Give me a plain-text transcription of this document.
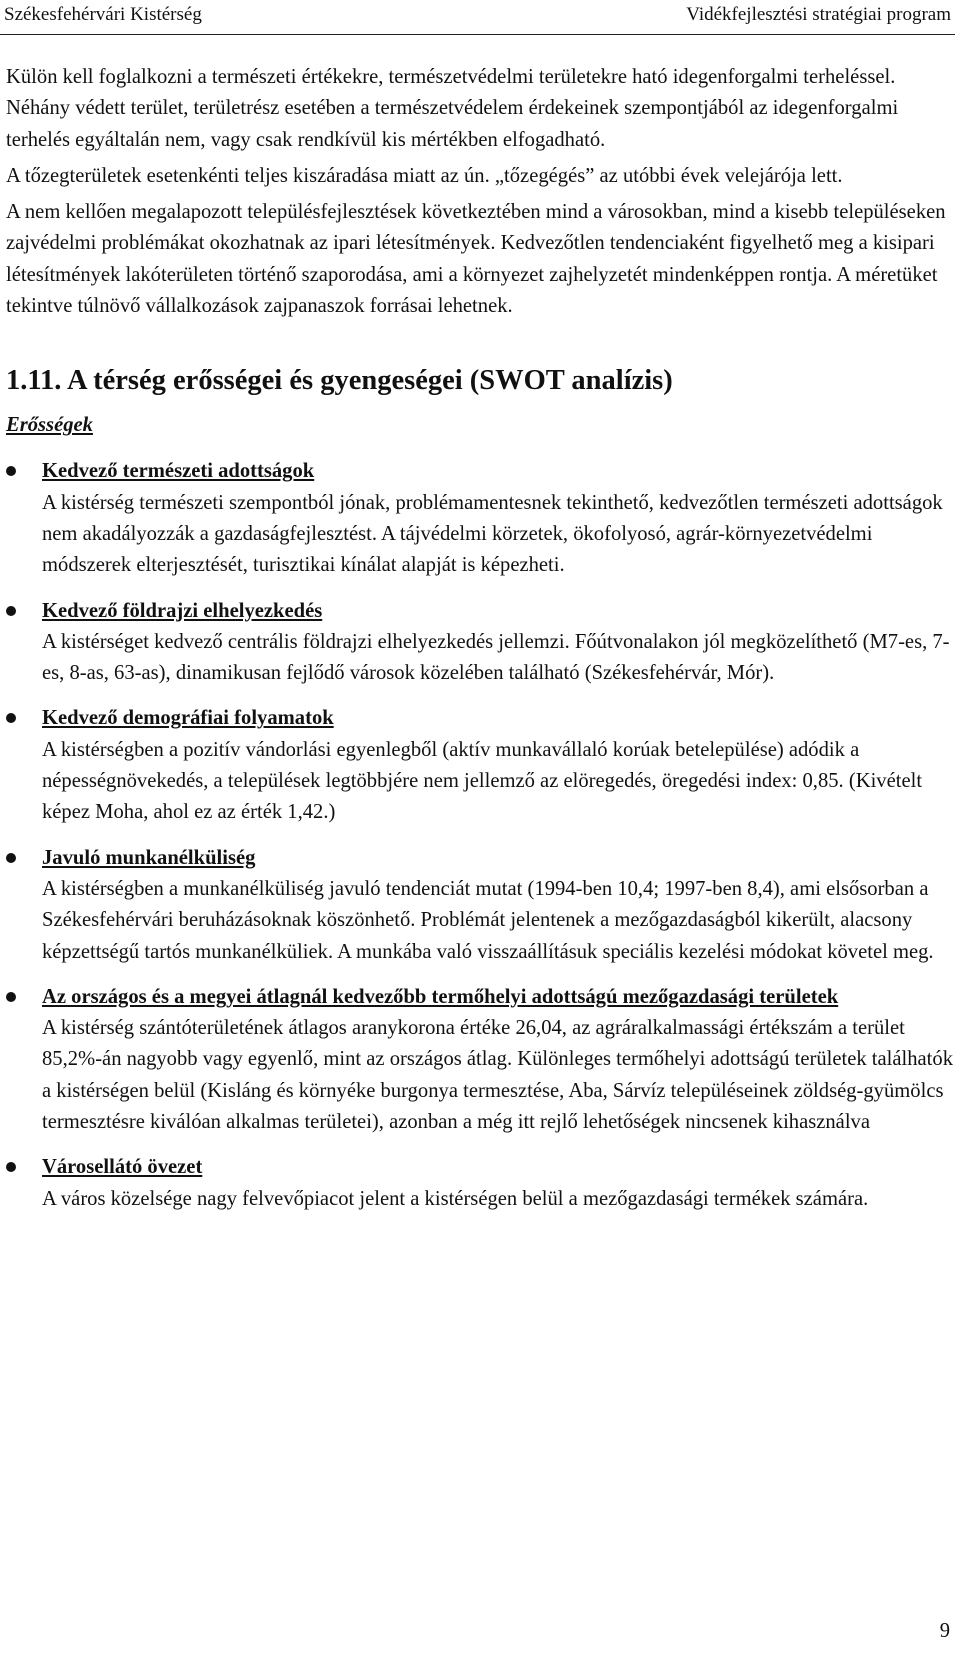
Székesfehérvári Kistérség	Vidékfejlesztési stratégiai program

Külön kell foglalkozni a természeti értékekre, természetvédelmi területekre ható idegenforgalmi terheléssel. Néhány védett terület, területrész esetében a természetvédelem érdekeinek szempontjából az idegenforgalmi terhelés egyáltalán nem, vagy csak rendkívül kis mértékben elfogadható.

A tőzegterületek esetenkénti teljes kiszáradása miatt az ún. „tőzegégés” az utóbbi évek velejárója lett.

A nem kellően megalapozott településfejlesztések következtében mind a városokban, mind a kisebb településeken zajvédelmi problémákat okozhatnak az ipari létesítmények. Kedvezőtlen tendenciaként figyelhető meg a kisipari létesítmények lakóterületen történő szaporodása, ami a környezet zajhelyzetét mindenképpen rontja. A méretüket tekintve túlnövő vállalkozások zajpanaszok forrásai lehetnek.

1.11. A térség erősségei és gyengeségei (SWOT analízis)
Erősségek
Kedvező természeti adottságok
A kistérség természeti szempontból jónak, problémamentesnek tekinthető, kedvezőtlen természeti adottságok nem akadályozzák a gazdaságfejlesztést. A tájvédelmi körzetek, ökofolyosó, agrár-környezetvédelmi módszerek elterjesztését, turisztikai kínálat alapját is képezheti.
Kedvező földrajzi elhelyezkedés
A kistérséget kedvező centrális földrajzi elhelyezkedés jellemzi. Főútvonalakon jól megközelíthető (M7-es, 7-es, 8-as, 63-as), dinamikusan fejlődő városok közelében található (Székesfehérvár, Mór).
Kedvező demográfiai folyamatok
A kistérségben a pozitív vándorlási egyenlegből (aktív munkavállaló korúak betelepülése) adódik a népességnövekedés, a települések legtöbbjére nem jellemző az elöregedés, öregedési index: 0,85. (Kivételt képez Moha, ahol ez az érték 1,42.)
Javuló munkanélküliség
A kistérségben a munkanélküliség javuló tendenciát mutat (1994-ben 10,4; 1997-ben 8,4), ami elsősorban a Székesfehérvári beruházásoknak köszönhető. Problémát jelentenek a mezőgazdaságból kikerült, alacsony képzettségű tartós munkanélküliek. A munkába való visszaállításuk speciális kezelési módokat követel meg.
Az országos és a megyei átlagnál kedvezőbb termőhelyi adottságú mezőgazdasági területek
A kistérség szántóterületének átlagos aranykorona értéke 26,04, az agráralkalmassági értékszám a terület 85,2%-án nagyobb vagy egyenlő, mint az országos átlag. Különleges termőhelyi adottságú területek találhatók a kistérségen belül (Kisláng és környéke burgonya termesztése, Aba, Sárvíz településeinek zöldség-gyümölcs termesztésre kiválóan alkalmas területei), azonban a még itt rejlő lehetőségek nincsenek kihasználva
Városellátó övezet
A város közelsége nagy felvevőpiacot jelent a kistérségen belül a mezőgazdasági termékek számára.
9
